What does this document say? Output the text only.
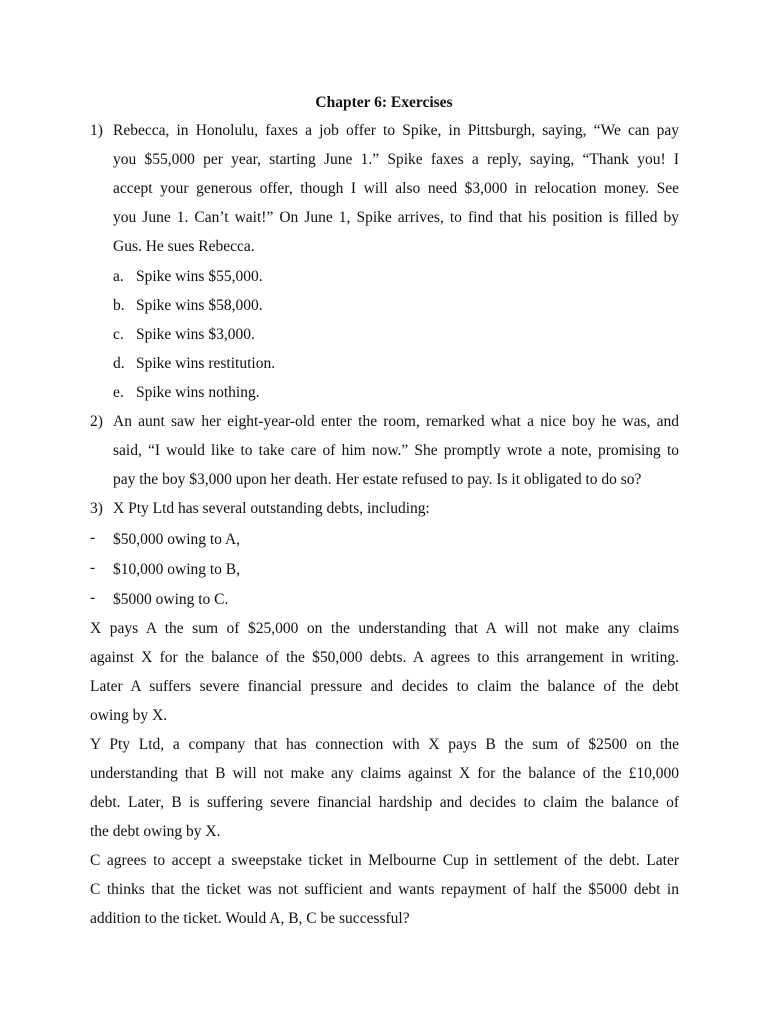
Chapter 6: Exercises
1) Rebecca, in Honolulu, faxes a job offer to Spike, in Pittsburgh, saying, “We can pay
you $55,000 per year, starting June 1.” Spike faxes a reply, saying, “Thank you! I
accept your generous offer, though I will also need $3,000 in relocation money. See
you June 1. Can’t wait!” On June 1, Spike arrives, to find that his position is filled by
Gus. He sues Rebecca.
a. Spike wins $55,000.
b. Spike wins $58,000.
c. Spike wins $3,000.
d. Spike wins restitution.
e. Spike wins nothing.
2) An aunt saw her eight-year-old enter the room, remarked what a nice boy he was, and
said, “I would like to take care of him now.” She promptly wrote a note, promising to
pay the boy $3,000 upon her death. Her estate refused to pay. Is it obligated to do so?
3) X Pty Ltd has several outstanding debts, including:
- $50,000 owing to A,
- $10,000 owing to B,
- $5000 owing to C.
X pays A the sum of $25,000 on the understanding that A will not make any claims
against X for the balance of the $50,000 debts. A agrees to this arrangement in writing.
Later A suffers severe financial pressure and decides to claim the balance of the debt
owing by X.
Y Pty Ltd, a company that has connection with X pays B the sum of $2500 on the
understanding that B will not make any claims against X for the balance of the £10,000
debt. Later, B is suffering severe financial hardship and decides to claim the balance of
the debt owing by X.
C agrees to accept a sweepstake ticket in Melbourne Cup in settlement of the debt. Later
C thinks that the ticket was not sufficient and wants repayment of half the $5000 debt in
addition to the ticket. Would A, B, C be successful?
